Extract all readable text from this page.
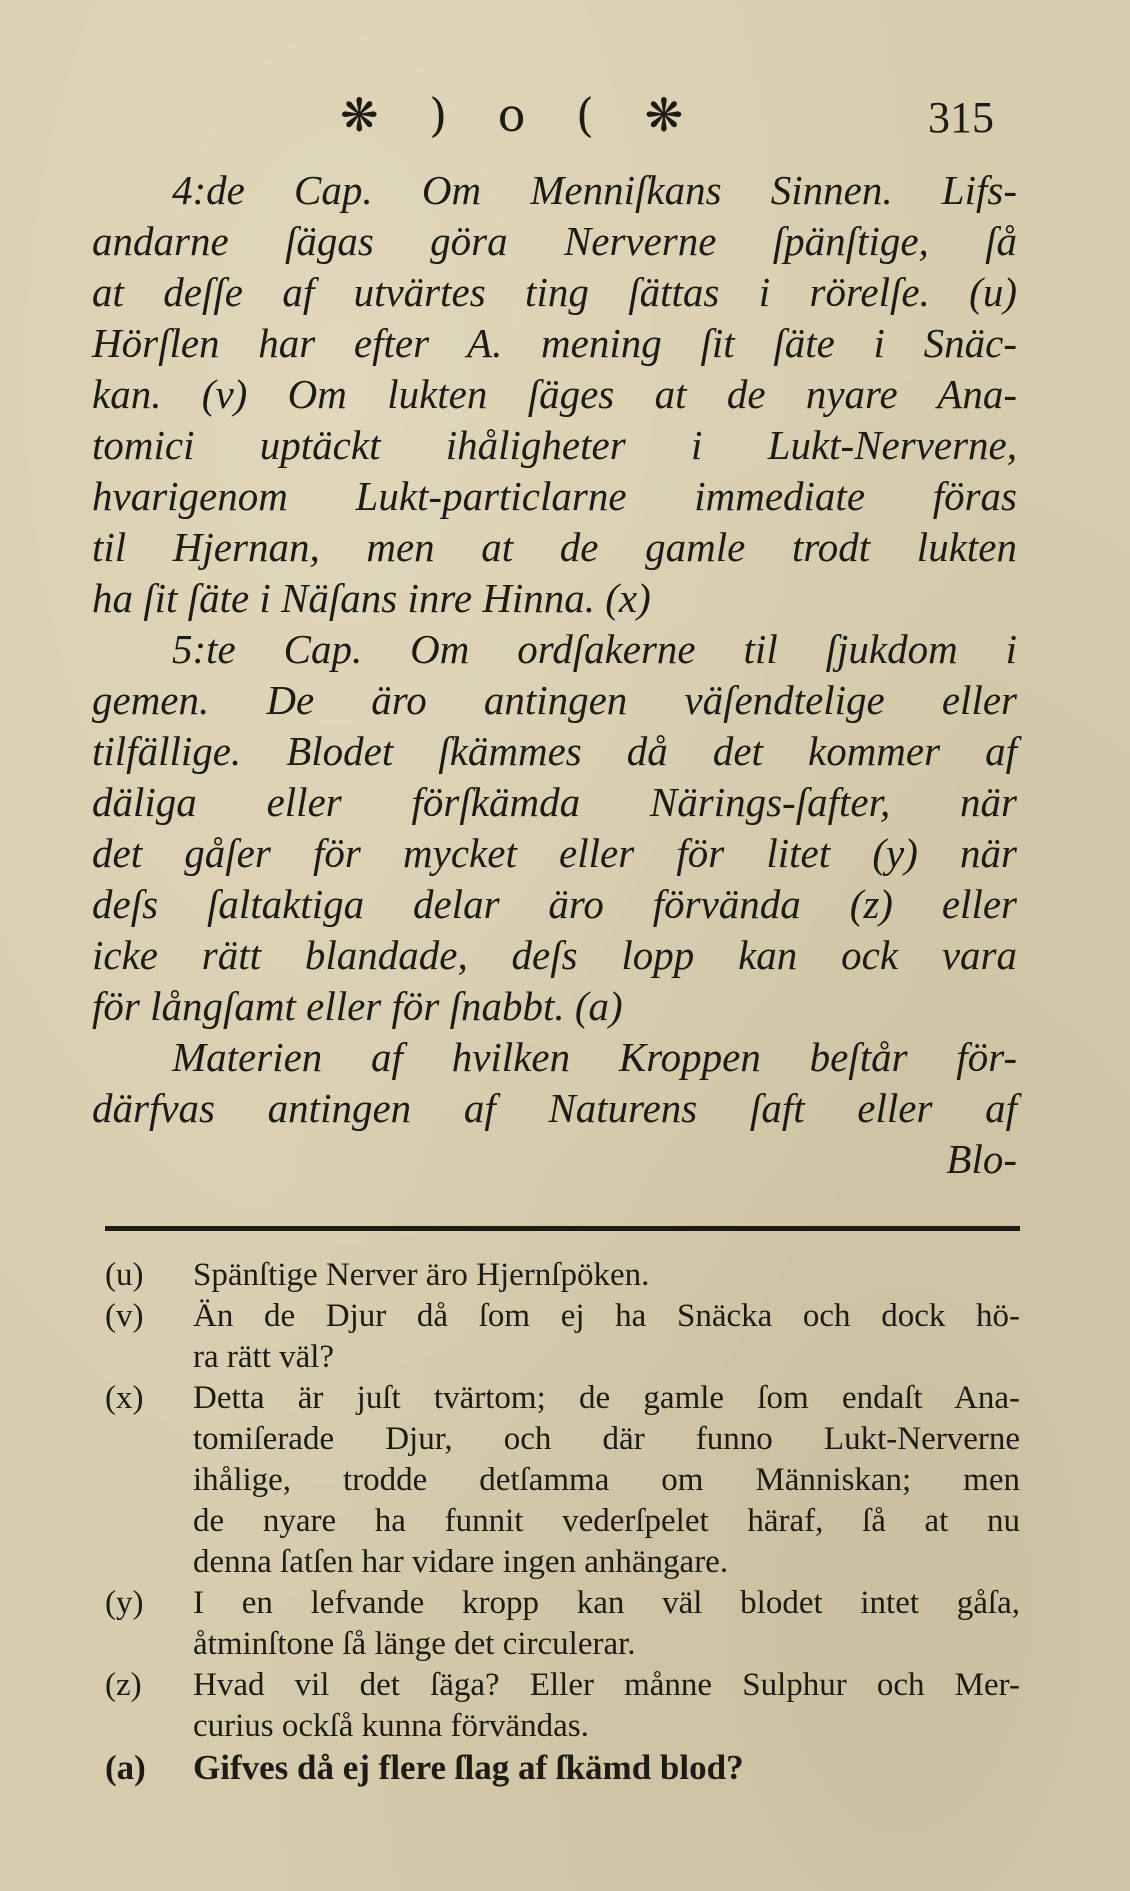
❋ ) o ( ❋	315
4:de Cap. Om Menniſkans Sinnen. Lifs-
andarne ſägas göra Nerverne ſpänſtige, ſå
at deſſe af utvärtes ting ſättas i rörelſe. (u)
Hörſlen har efter A. mening ſit ſäte i Snäc-
kan. (v) Om lukten ſäges at de nyare Ana-
tomici uptäckt ihåligheter i Lukt-Nerverne,
hvarigenom Lukt-particlarne immediate föras
til Hjernan, men at de gamle trodt lukten
ha ſit ſäte i Näſans inre Hinna. (x)
5:te Cap. Om ordſakerne til ſjukdom i
gemen. De äro antingen väſendtelige eller
tilfällige. Blodet ſkämmes då det kommer af
däliga eller förſkämda Närings-ſafter, när
det gåſer för mycket eller för litet (y) när
deſs ſaltaktiga delar äro förvända (z) eller
icke rätt blandade, deſs lopp kan ock vara
för långſamt eller för ſnabbt. (a)
Materien af hvilken Kroppen beſtår för-
därfvas antingen af Naturens ſaft eller af
Blo-
(u)	Spänſtige Nerver äro Hjernſpöken.
(v)	Än de Djur då ſom ej ha Snäcka och dock hö-
ra rätt väl?
(x)	Detta är juſt tvärtom; de gamle ſom endaſt Ana-
tomiſerade Djur, och där funno Lukt-Nerverne
ihålige, trodde detſamma om Människan; men
de nyare ha funnit vederſpelet häraf, ſå at nu
denna ſatſen har vidare ingen anhängare.
(y)	I en lefvande kropp kan väl blodet intet gåſa,
åtminſtone ſå länge det circulerar.
(z)	Hvad vil det ſäga? Eller månne Sulphur och Mer-
curius ockſå kunna förvändas.
(a)	Gifves då ej flere ſlag af ſkämd blod?
